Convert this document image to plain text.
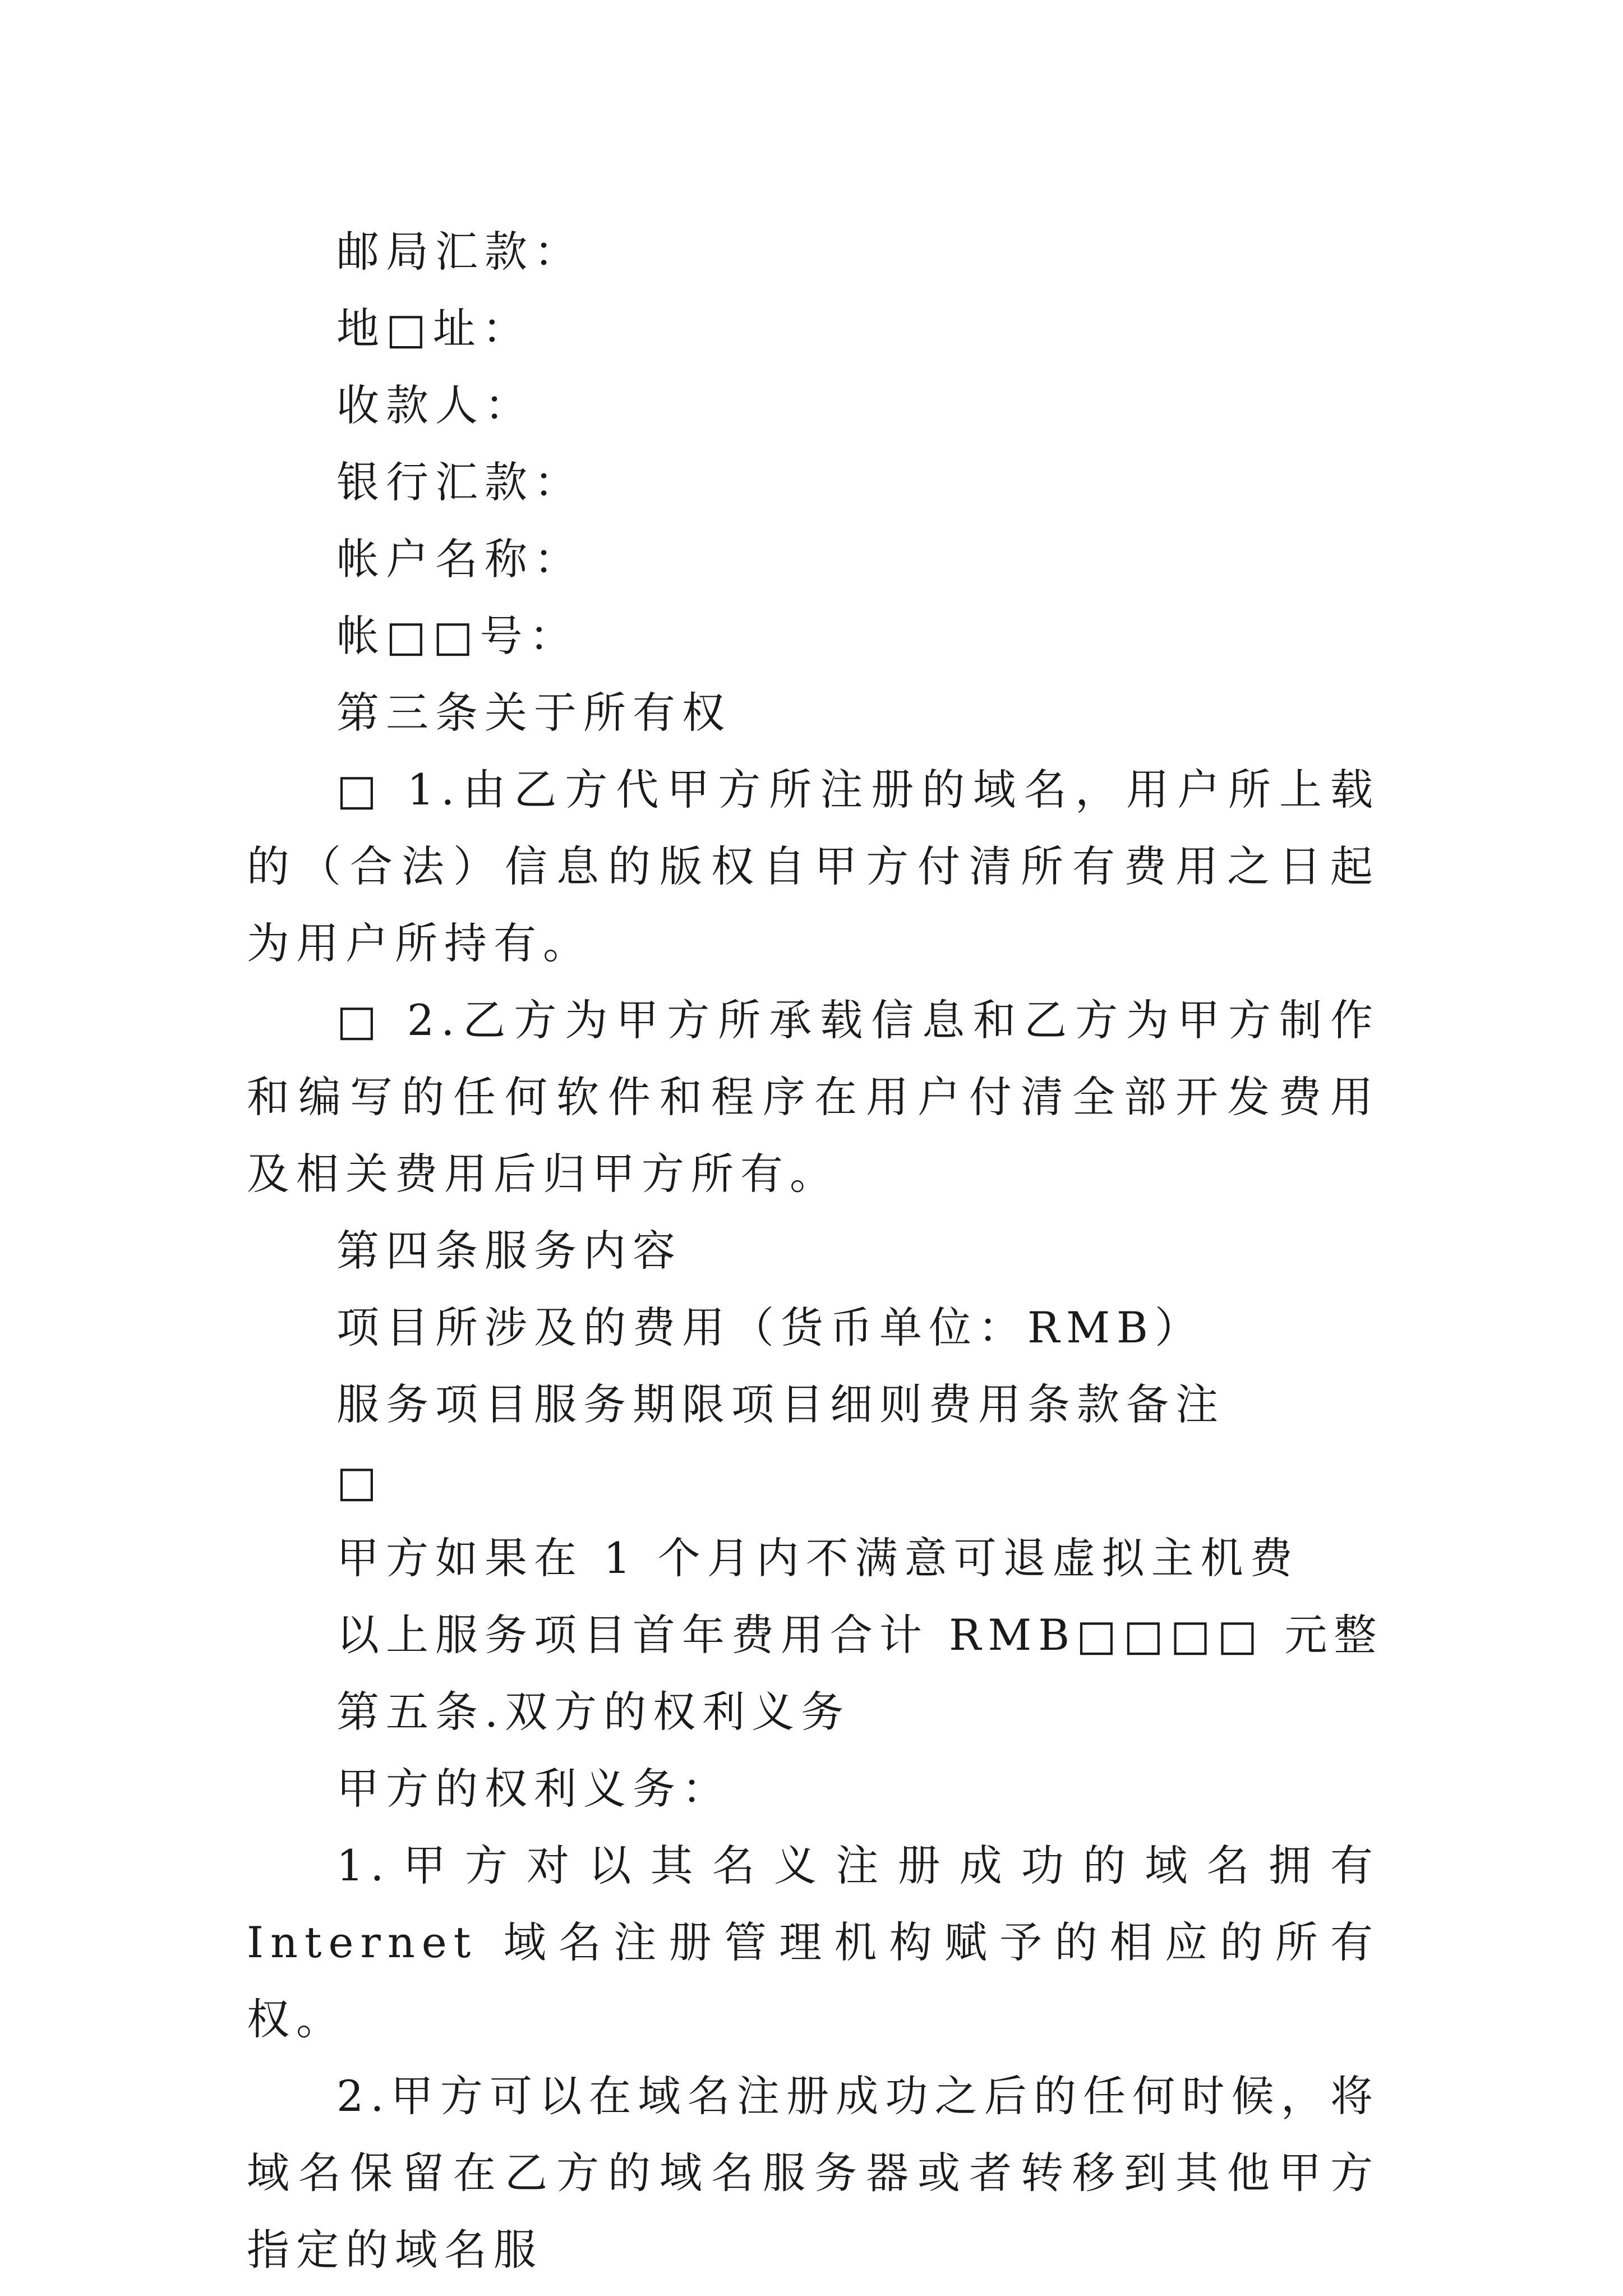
邮局汇款：
地□址：
收款人：
银行汇款：
帐户名称：
帐□□号：
第三条关于所有权

□ 1.由乙方代甲方所注册的域名，用户所上载的（合法）信息的版权自甲方付清所有费用之日起为用户所持有。

□ 2.乙方为甲方所承载信息和乙方为甲方制作和编写的任何软件和程序在用户付清全部开发费用及相关费用后归甲方所有。

第四条服务内容
项目所涉及的费用（货币单位：RMB）
服务项目服务期限项目细则费用条款备注
□
甲方如果在 1 个月内不满意可退虚拟主机费
以上服务项目首年费用合计 RMB□□□□ 元整
第五条.双方的权利义务
甲方的权利义务：

1.甲方对以其名义注册成功的域名拥有 Internet 域名注册管理机构赋予的相应的所有权。

2.甲方可以在域名注册成功之后的任何时候，将域名保留在乙方的域名服务器或者转移到其他甲方指定的域名服
